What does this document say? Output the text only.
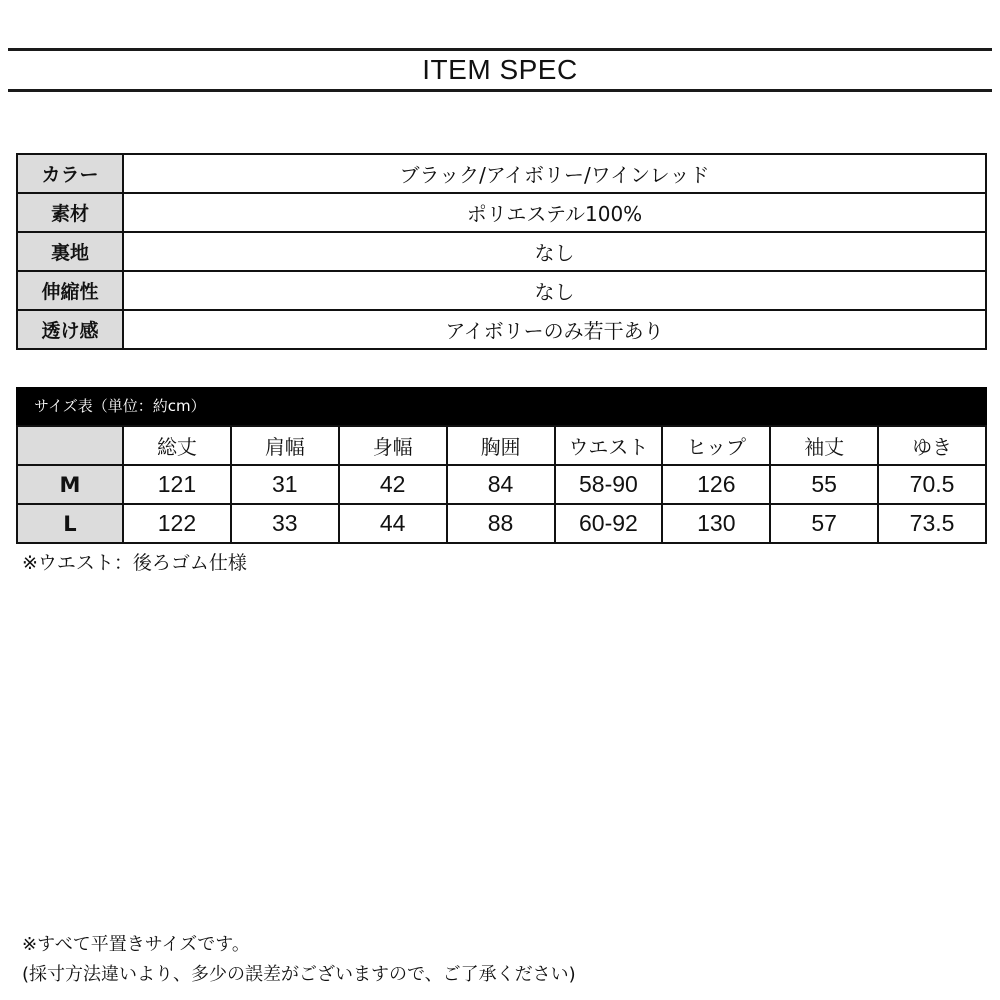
ITEM SPEC
カラー	ブラック/アイボリー/ワインレッド
素材	ポリエステル100%
裏地	なし
伸縮性	なし
透け感	アイボリーのみ若干あり
サイズ表（単位：約cm）
	総丈	肩幅	身幅	胸囲	ウエスト	ヒップ	袖丈	ゆき
M	121	31	42	84	58-90	126	55	70.5
L	122	33	44	88	60-92	130	57	73.5
※ウエスト：後ろゴム仕様
※すべて平置きサイズです。
(採寸方法違いより、多少の誤差がございますので、ご了承ください)
